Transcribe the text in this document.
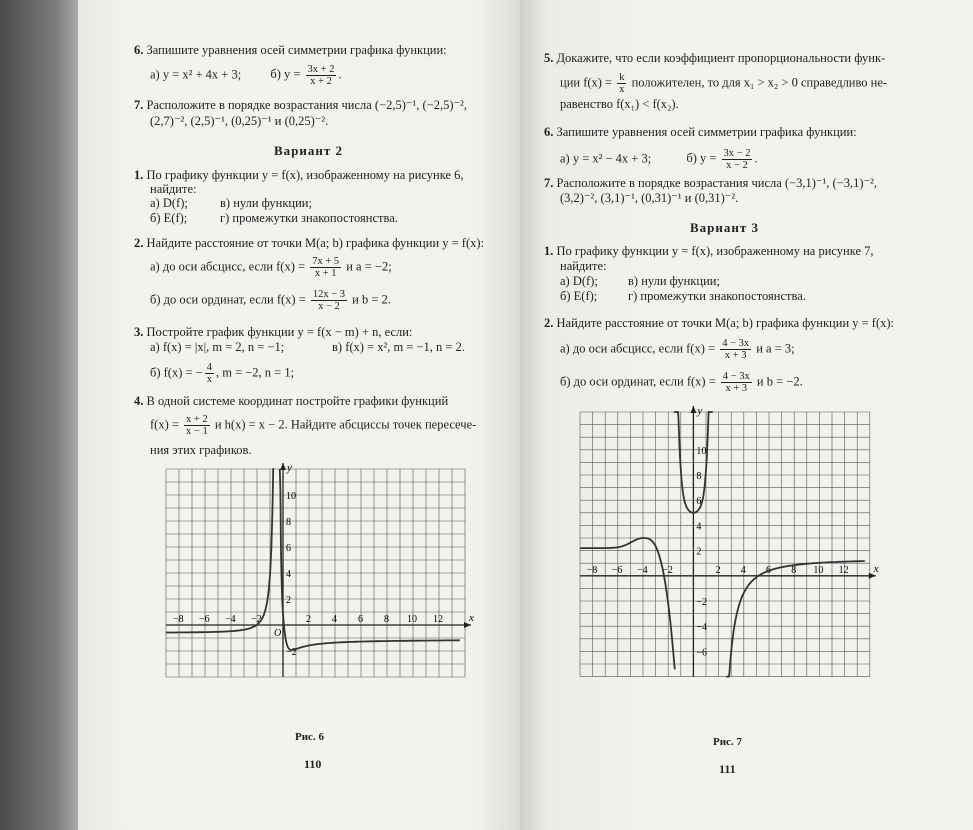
6. Запишите уравнения осей симметрии графика функции:
а) y = x² + 4x + 3; б) $y = \frac{3x + 2}{x + 2}$ .
7. Расположите в порядке возрастания числа (−2,5)⁻¹, (−2,5)⁻²,
(2,7)⁻², (2,5)⁻¹, (0,25)⁻¹ и (0,25)⁻².
Вариант 2
1. По графику функции y = f(x), изображенному на рисунке 6,
найдите:
а) D(f);	в) нули функции;
б) E(f);	г) промежутки знакопостоянства.
2. Найдите расстояние от точки M(a; b) графика функции y = f(x):
а) до оси абсцисс, если $f(x) = \frac{7x + 5}{x + 1}$ и a = −2;
б) до оси ординат, если $f(x) = \frac{12x - 3}{x - 2}$ и b = 2.
3. Постройте график функции y = f(x − m) + n, если:
а) f(x) = |x|, m = 2, n = −1;	в) f(x) = x², m = −1, n = 2.
б) f(x) = − $\frac{4}{x}$ , m = −2, n = 1;
4. В одной системе координат постройте графики функций
$f(x) = \frac{x + 2}{x - 1}$ и h(x) = x − 2. Найдите абсциссы точек пересече-
ния этих графиков.
x
y
O
−8 −6 −4 −2	2 4 6 8 10 12
10
8
6
4
2
−2
Рис. 6
110
5. Докажите, что если коэффициент пропорциональности функ-
ции $f(x) = \frac{k}{x}$ положителен, то для x₁ > x₂ > 0 справедливо не-
равенство f(x₁) < f(x₂).
6. Запишите уравнения осей симметрии графика функции:
а) y = x² − 4x + 3;	б) $y = \frac{3x - 2}{x - 2}$ .
7. Расположите в порядке возрастания числа (−3,1)⁻¹, (−3,1)⁻²,
(3,2)⁻², (3,1)⁻¹, (0,31)⁻¹ и (0,31)⁻².
Вариант 3
1. По графику функции y = f(x), изображенному на рисунке 7,
найдите:
а) D(f); в) нули функции;
б) E(f); г) промежутки знакопостоянства.
2. Найдите расстояние от точки M(a; b) графика функции y = f(x):
а) до оси абсцисс, если $f(x) = \frac{4 - 3x}{x + 3}$ и a = 3;
б) до оси ординат, если $f(x) = \frac{4 - 3x}{x + 3}$ и b = −2.
x
y
−8 −6 −4 −2	2 4 6 8 10 12
10
8
6
4
2
−2
−4
−6
Рис. 7
111
